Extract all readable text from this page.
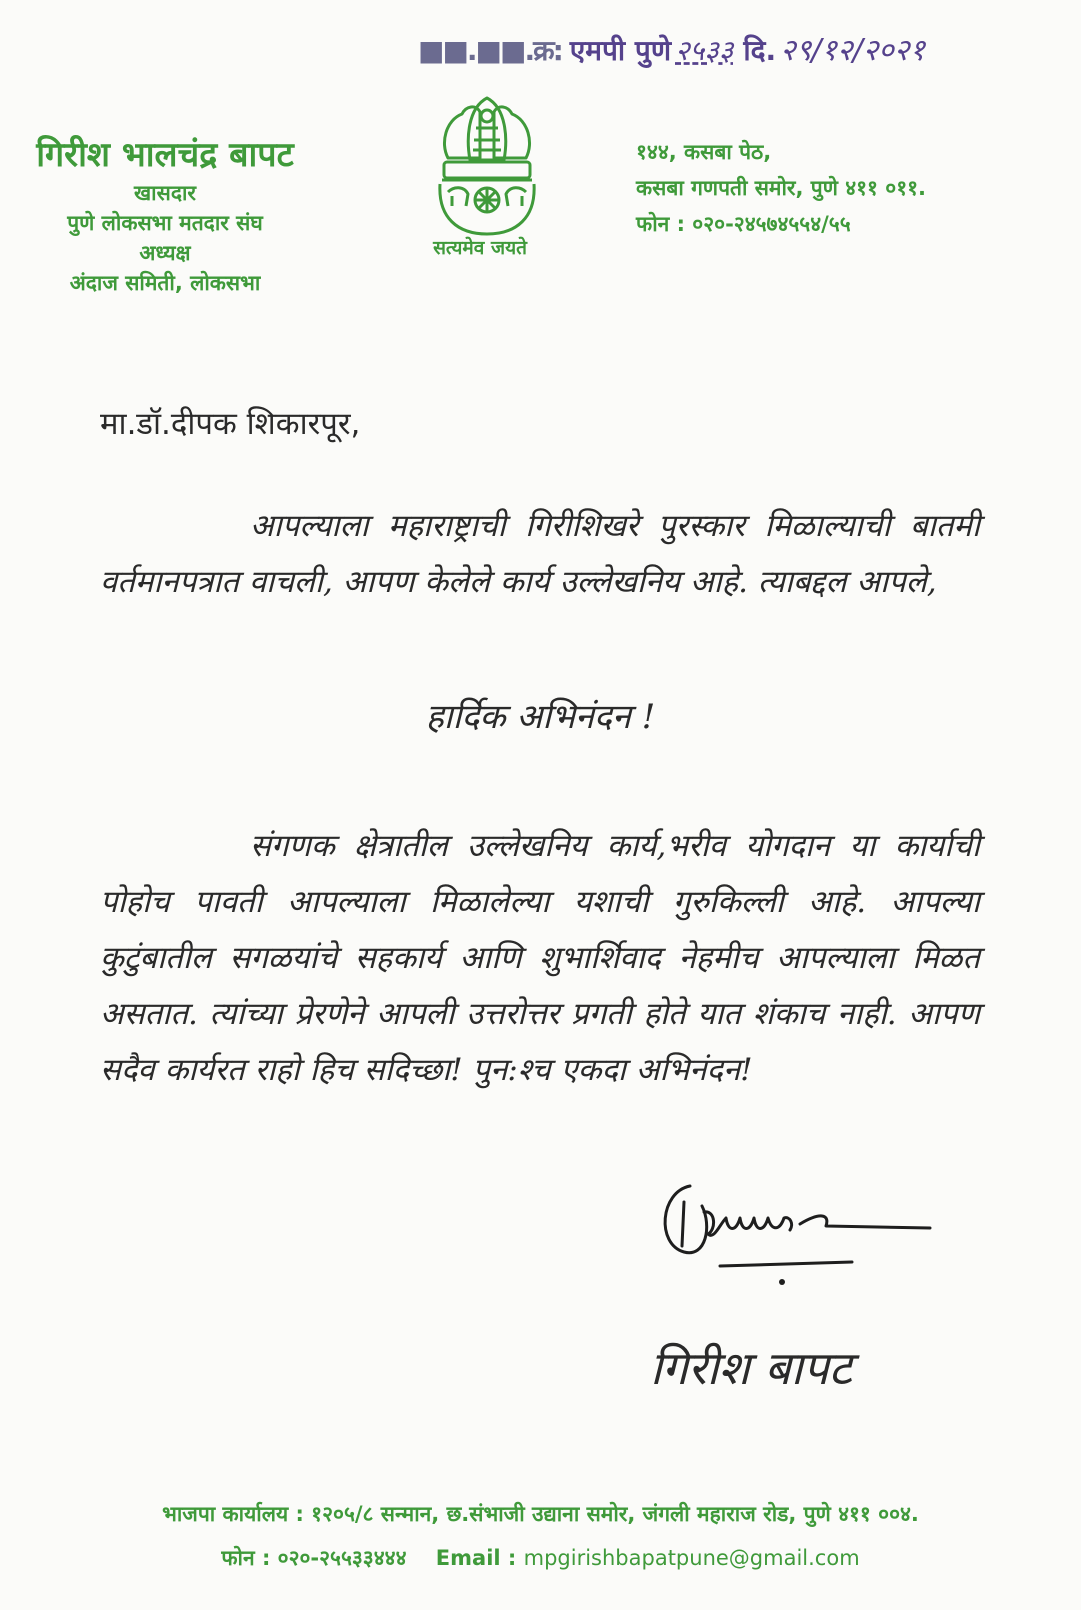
■■.■■.क्र: एमपी पुणे २५३३ दि. २९/१२/२०२१
गिरीश भालचंद्र बापट
खासदार
पुणे लोकसभा मतदार संघ
अध्यक्ष
अंदाज समिती, लोकसभा
सत्यमेव जयते
१४४, कसबा पेठ,
कसबा गणपती समोर, पुणे ४११ ०११.
फोन : ०२०-२४५७४५५४/५५
मा.डॉ.दीपक शिकारपूर,
आपल्याला महाराष्ट्राची गिरीशिखरे पुरस्कार मिळाल्याची बातमी वर्तमानपत्रात वाचली, आपण केलेले कार्य उल्लेखनिय आहे. त्याबद्दल आपले,
हार्दिक अभिनंदन !
संगणक क्षेत्रातील उल्लेखनिय कार्य,भरीव योगदान या कार्याची पोहोच पावती आपल्याला मिळालेल्या यशाची गुरुकिल्ली आहे. आपल्या कुटुंबातील सगळयांचे सहकार्य आणि शुभार्शिवाद नेहमीच आपल्याला मिळत असतात. त्यांच्या प्रेरणेने आपली उत्तरोत्तर प्रगती होते यात शंकाच नाही. आपण सदैव कार्यरत राहो हिच सदिच्छा! पुन:श्च एकदा अभिनंदन!
गिरीश बापट
भाजपा कार्यालय : १२०५/८ सन्मान, छ.संभाजी उद्याना समोर, जंगली महाराज रोड, पुणे ४११ ००४.
फोन : ०२०-२५५३३४४४ Email : mpgirishbapatpune@gmail.com
